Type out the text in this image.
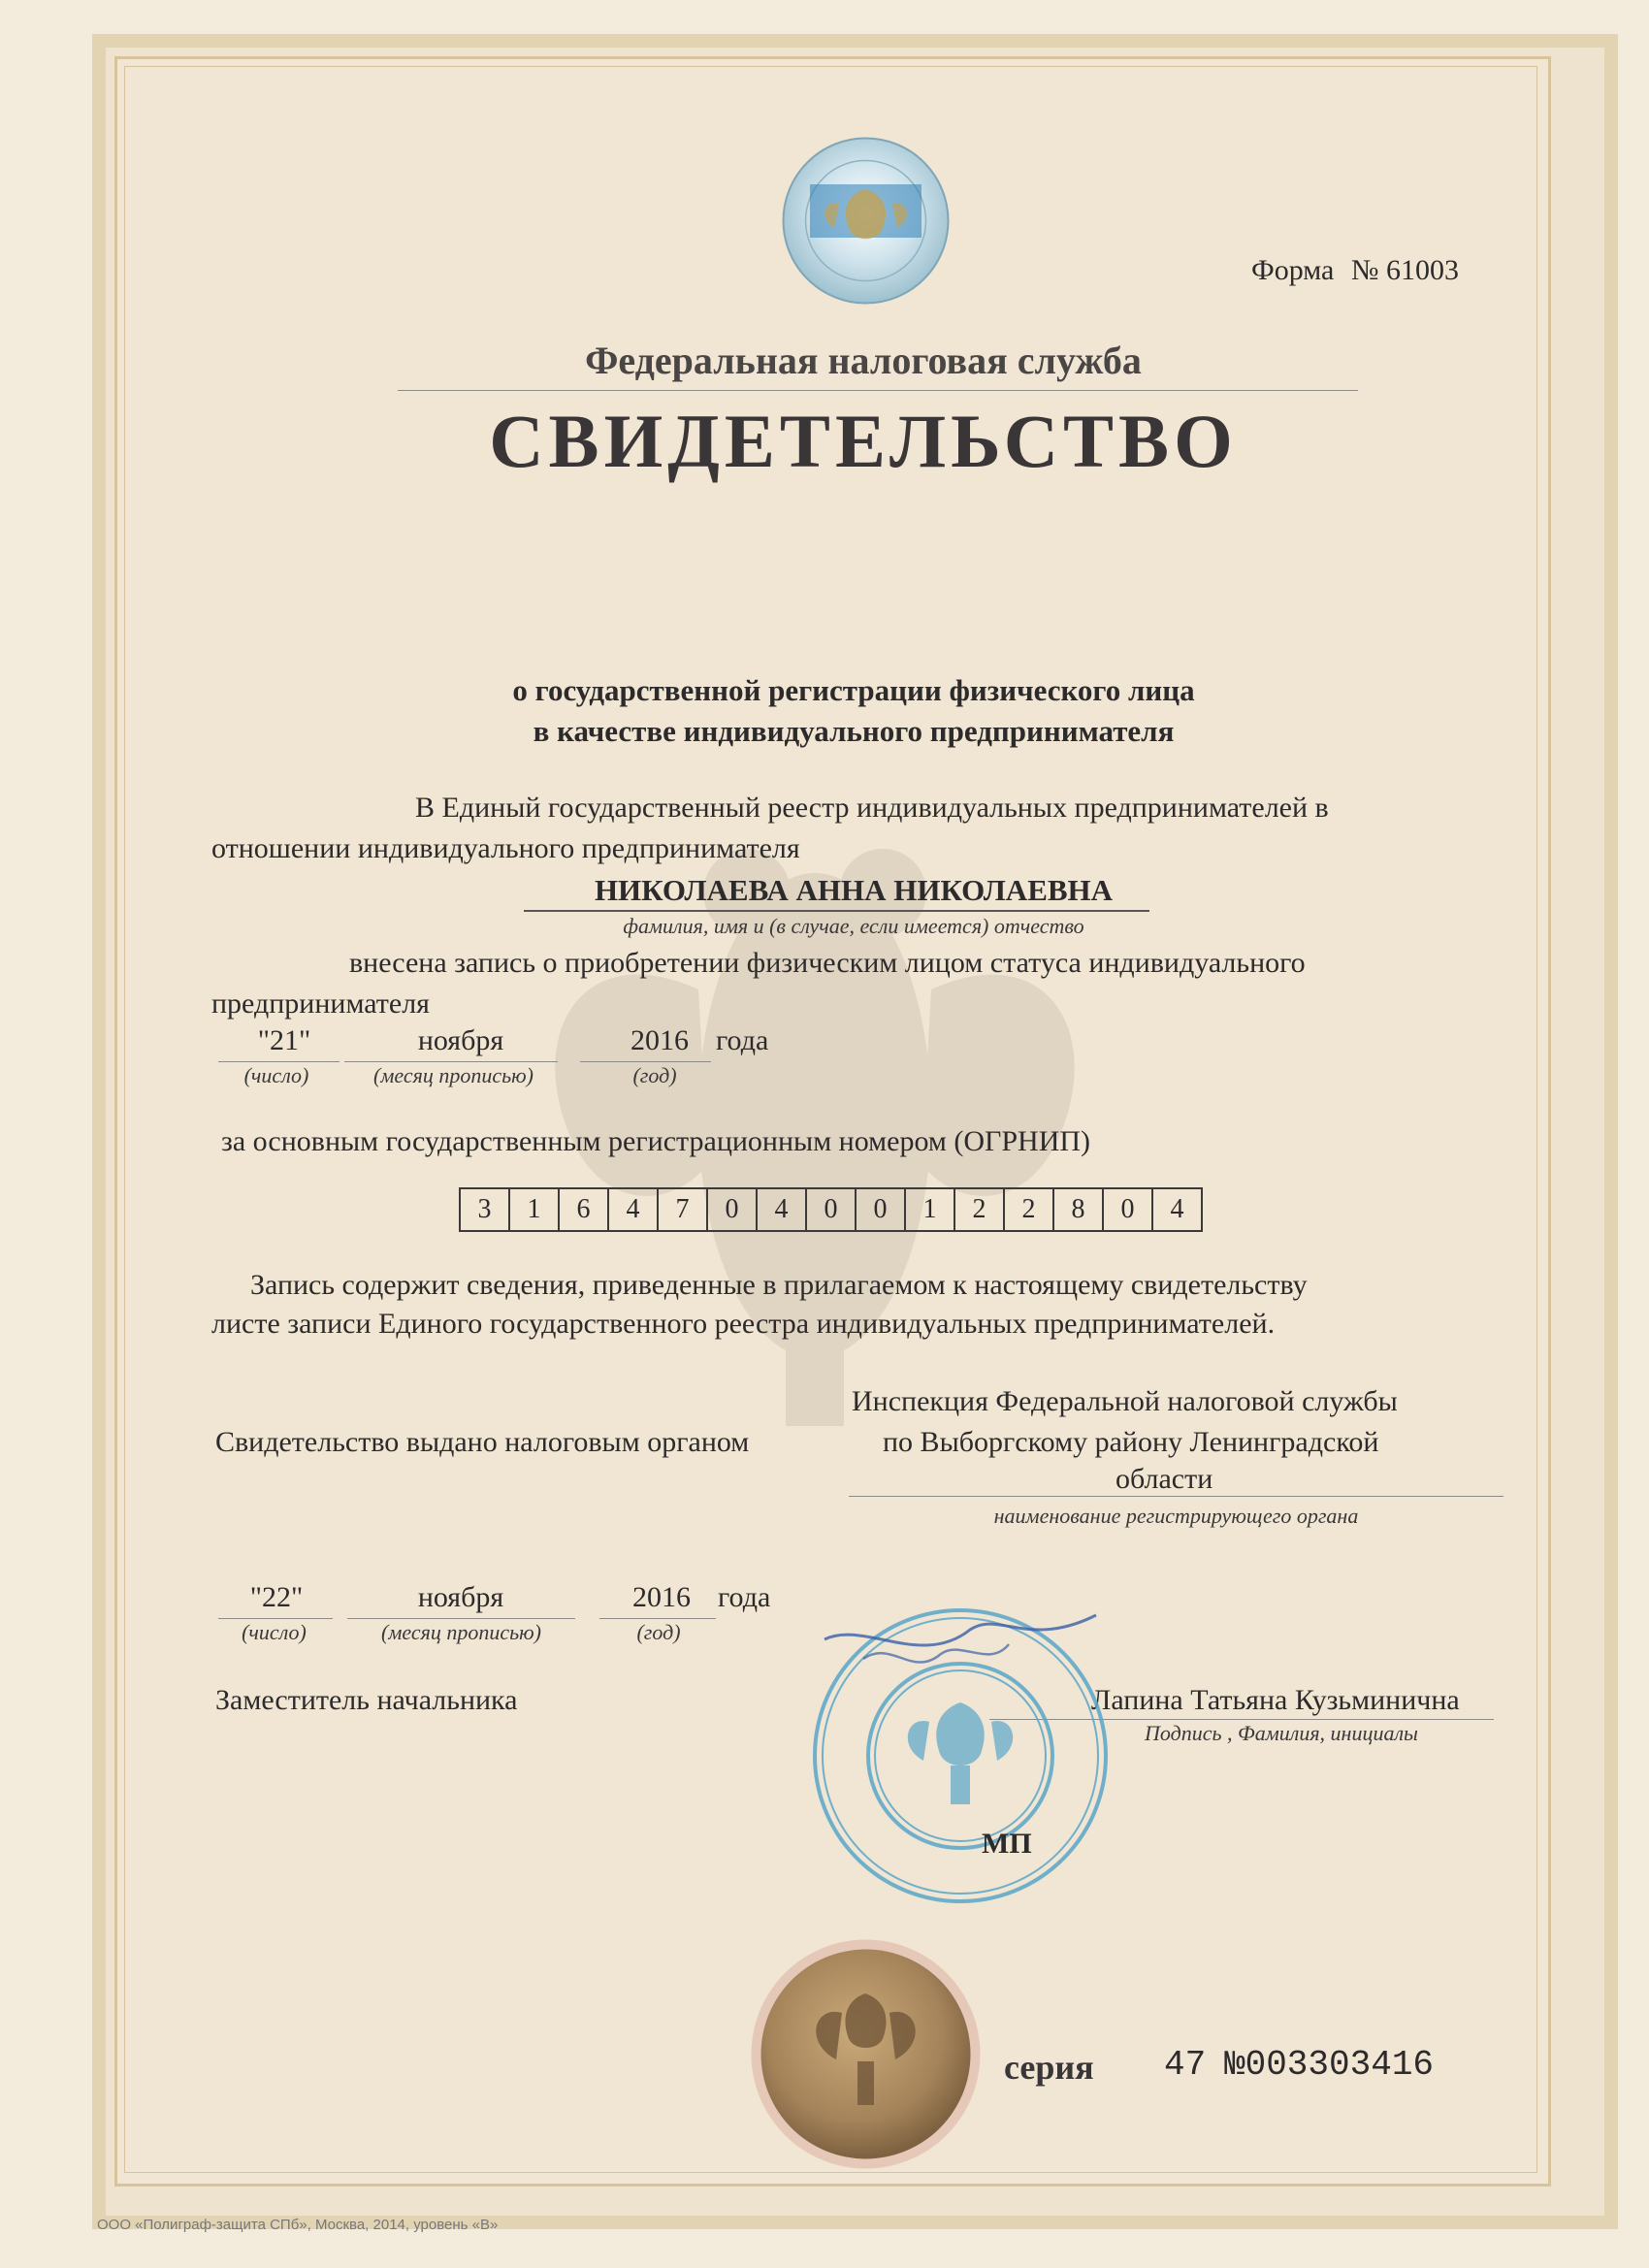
Форма № 61003
Федеральная налоговая служба
СВИДЕТЕЛЬСТВО
о государственной регистрации физического лица
в качестве индивидуального предпринимателя
В Единый государственный реестр индивидуальных предпринимателей в
отношении индивидуального предпринимателя
НИКОЛАЕВА АННА НИКОЛАЕВНА
фамилия, имя и (в случае, если имеется) отчество
внесена запись о приобретении физическим лицом статуса индивидуального
предпринимателя
"21"	ноября	2016 года
(число)	(месяц прописью)	(год)
за основным государственным регистрационным номером (ОГРНИП)
3	1	6	4	7	0	4	0	0	1	2	2	8	0	4
Запись содержит сведения, приведенные в прилагаемом к настоящему свидетельству
листе записи Единого государственного реестра индивидуальных предпринимателей.
Инспекция Федеральной налоговой службы
Свидетельство выдано налоговым органом	по Выборгскому району Ленинградской
области
наименование регистрирующего органа
"22"	ноября	2016 года
(число)	(месяц прописью)	(год)
Заместитель начальника	Лапина Татьяна Кузьминична
Подпись , Фамилия, инициалы
МП
серия 47 №003303416
ООО «Полиграф-защита СПб», Москва, 2014, уровень «В»
